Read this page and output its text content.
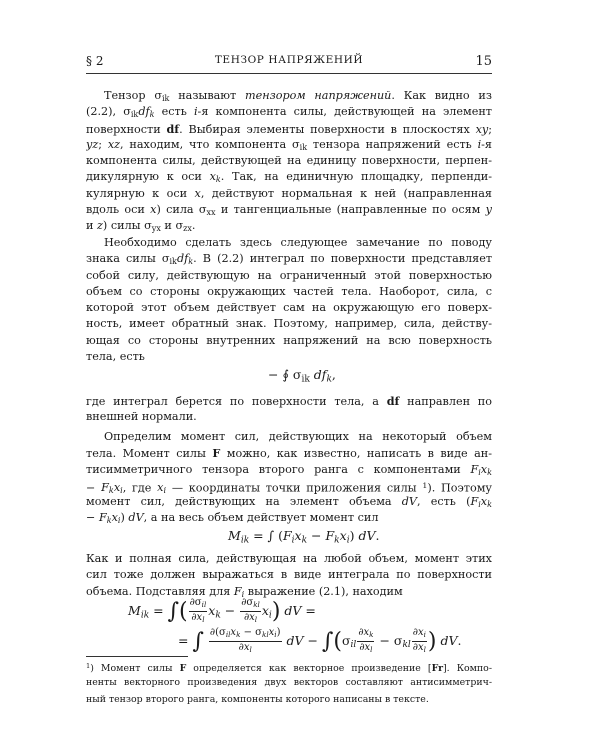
§ 2	ТЕНЗОР НАПРЯЖЕНИЙ	15
Тензор $\sigma_{ik}$ называют тензором напряжений. Как видно из
(2.2), $\sigma_{ik}df_k$ есть i-я компонента силы, действующей на элемент
поверхности df. Выбирая элементы поверхности в плоскостях xy;
yz; xz, находим, что компонента $\sigma_{ik}$ тензора напряжений есть i-я
компонента силы, действующей на единицу поверхности, перпен-
дикулярную к оси $x_k$. Так, на единичную площадку, перпенди-
кулярную к оси x, действуют нормальная к ней (направленная
вдоль оси x) сила $\sigma_{xx}$ и тангенциальные (направленные по осям y
и z) силы $\sigma_{yx}$ и $\sigma_{zx}$.
Необходимо сделать здесь следующее замечание по поводу
знака силы $\sigma_{ik}df_k$. В (2.2) интеграл по поверхности представляет
собой силу, действующую на ограниченный этой поверхностью
объем со стороны окружающих частей тела. Наоборот, сила, с
которой этот объем действует сам на окружающую его поверх-
ность, имеет обратный знак. Поэтому, например, сила, действу-
ющая со стороны внутренних напряжений на всю поверхность
тела, есть
− ∮ $\sigma_{ik}$ $df_k$,
где интеграл берется по поверхности тела, а df направлен по
внешней нормали.
Определим момент сил, действующих на некоторый объем
тела. Момент силы F можно, как известно, написать в виде ан-
тисимметричного тензора второго ранга с компонентами $F_ix_k$
− $F_kx_i$, где $x_i$ — координаты точки приложения силы $^1$). Поэтому
момент сил, действующих на элемент объема dV, есть ($F_ix_k$
− $F_kx_i$) dV, а на весь объем действует момент сил
$M_{ik}$ = ∫ $(F_ix_k - F_kx_i)$ dV.
Как и полная сила, действующая на любой объем, момент этих
сил тоже должен выражаться в виде интеграла по поверхности
объема. Подставляя для $F_i$ выражение (2.1), находим
$M_{ik}$ = ∫( $\frac{\partial\sigma_{il}}{\partial x_l} x_k - \frac{\partial\sigma_{kl}}{\partial x_l} x_i$) dV =
= ∫ $\frac{\partial(\sigma_{il}x_k - \sigma_{kl}x_i)}{\partial x_l}$ dV − $\int(\sigma_{il} \frac{\partial x_k}{\partial x_l} - \sigma_{kl} \frac{\partial x_i}{\partial x_l}$ ) dV.
$^1$) Момент силы F определяется как векторное произведение [Fr]. Компо-
ненты векторного произведения двух векторов составляют антисимметрич-
ный тензор второго ранга, компоненты которого написаны в тексте.
